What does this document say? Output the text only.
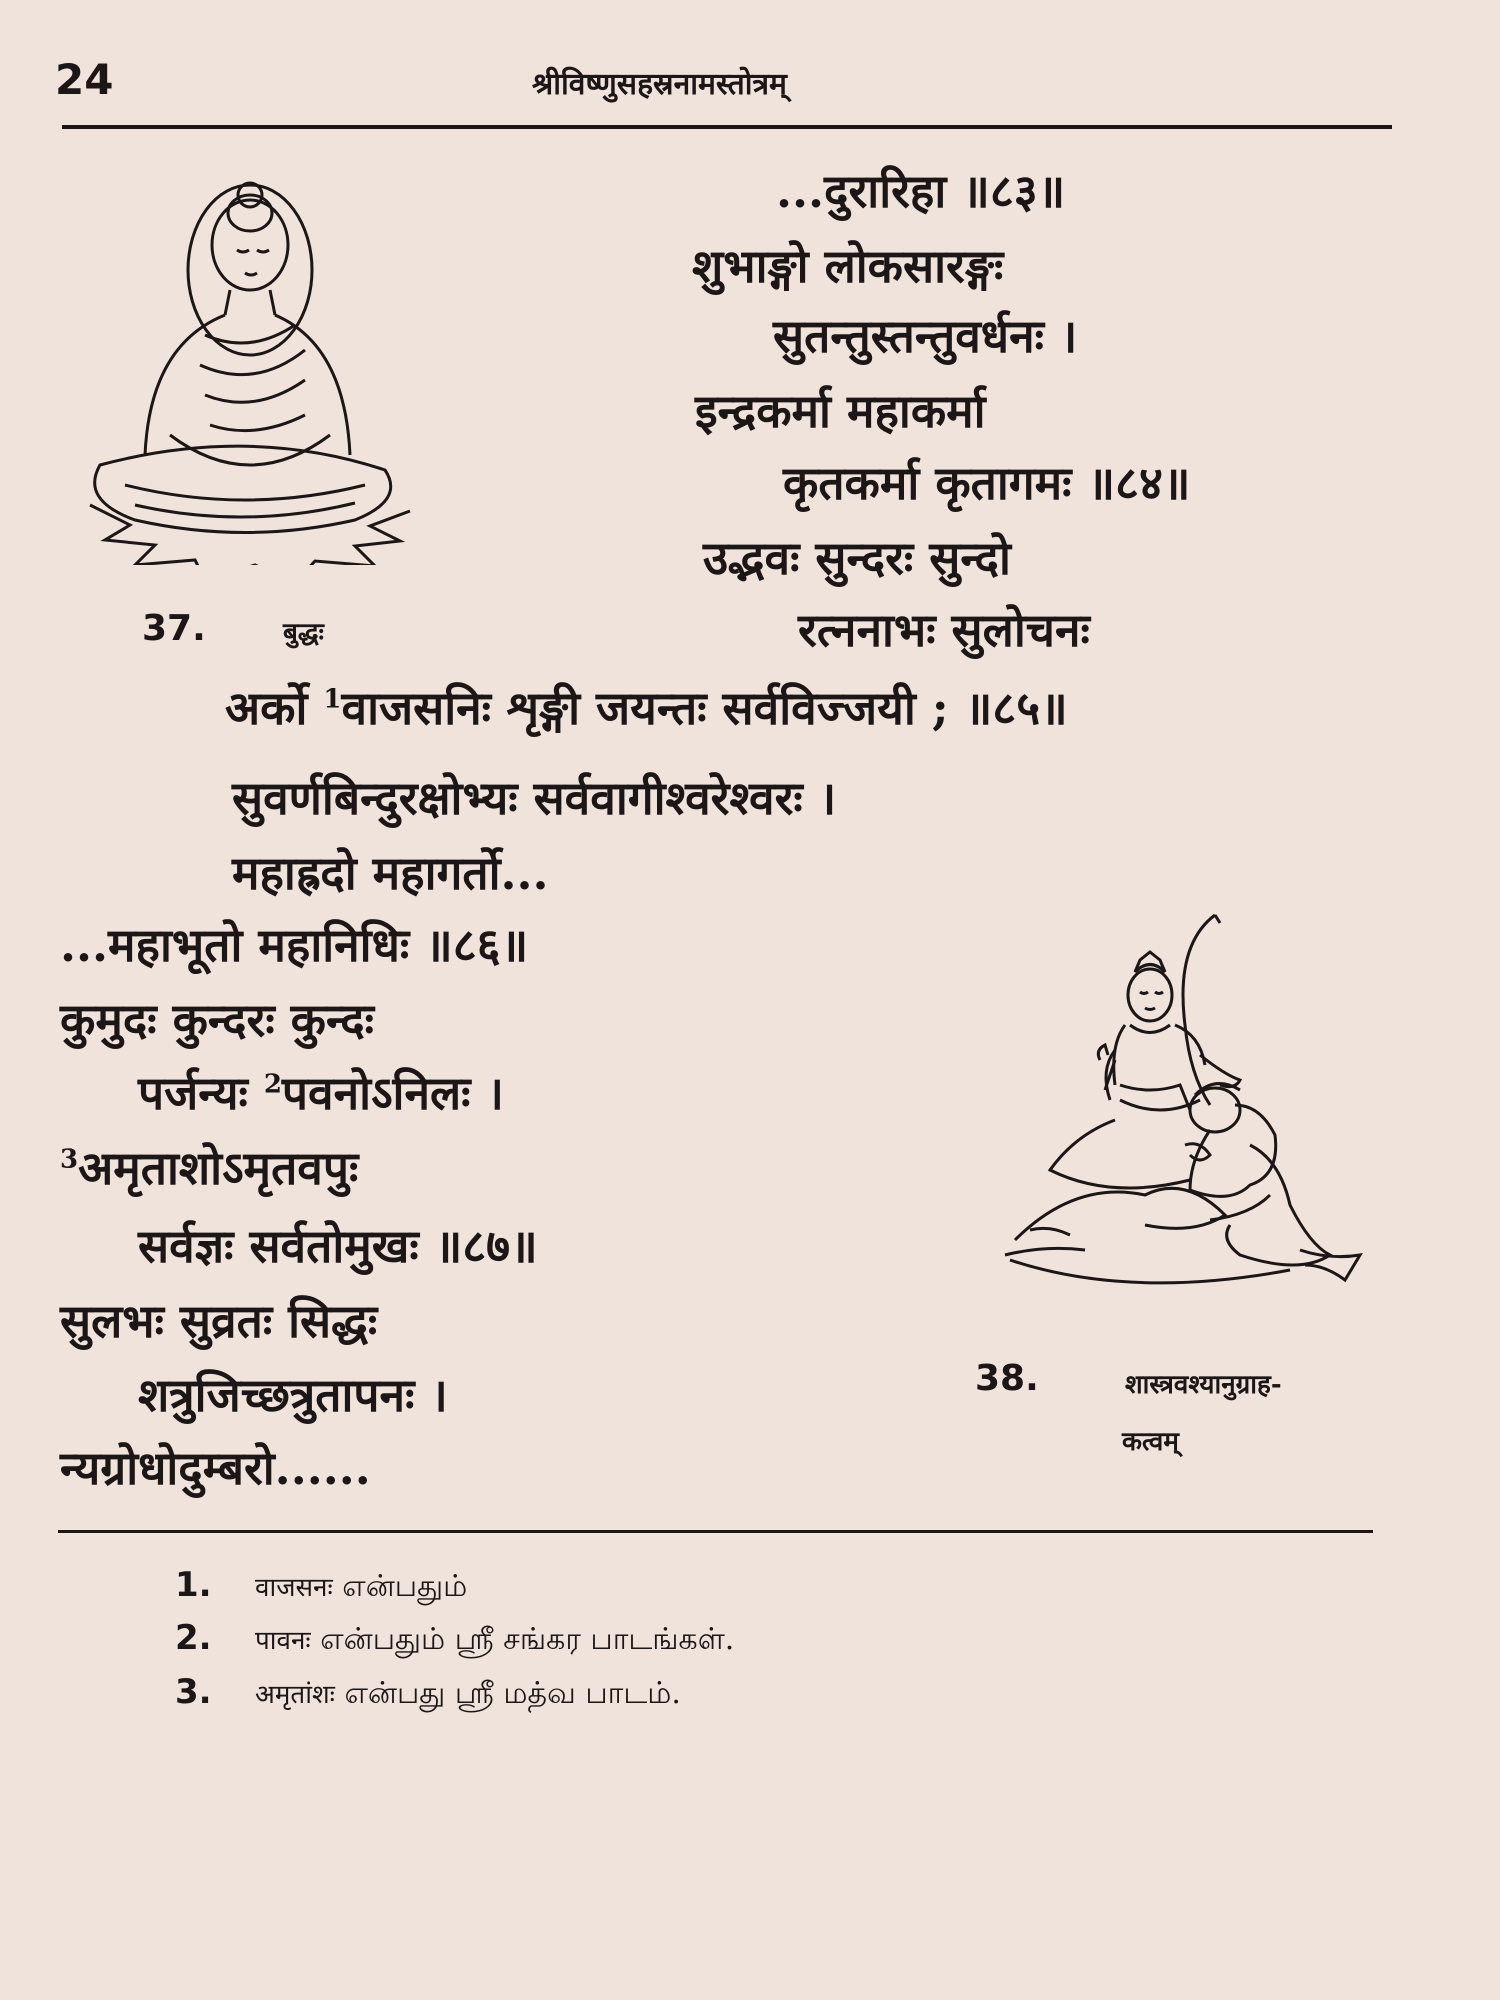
24	श्रीविष्णुसहस्रनामस्तोत्रम्
37.	बुद्धः
...दुरारिहा ॥८३॥
शुभाङ्गो लोकसारङ्गः
सुतन्तुस्तन्तुवर्धनः ।
इन्द्रकर्मा महाकर्मा
कृतकर्मा कृतागमः ॥८४॥
उद्भवः सुन्दरः सुन्दो
रत्ननाभः सुलोचनः
अर्को $^1$वाजसनिः शृङ्गी जयन्तः सर्वविज्जयी ; ॥८५॥
सुवर्णबिन्दुरक्षोभ्यः सर्ववागीश्वरेश्वरः ।
महाह्रदो महागर्तो...
...महाभूतो महानिधिः ॥८६॥
कुमुदः कुन्दरः कुन्दः
पर्जन्यः $^2$पवनोऽनिलः ।
$^3$अमृताशोऽमृतवपुः
सर्वज्ञः सर्वतोमुखः ॥८७॥
सुलभः सुव्रतः सिद्धः
शत्रुजिच्छत्रुतापनः ।
न्यग्रोधोदुम्बरो......
38.	शास्त्रवश्यानुग्राह-
कत्वम्
1. वाजसनः என்பதும்
2. पावनः என்பதும் ஸ்ரீ சங்கர பாடங்கள்.
3. अमृतांशः என்பது ஸ்ரீ மத்வ பாடம்.
